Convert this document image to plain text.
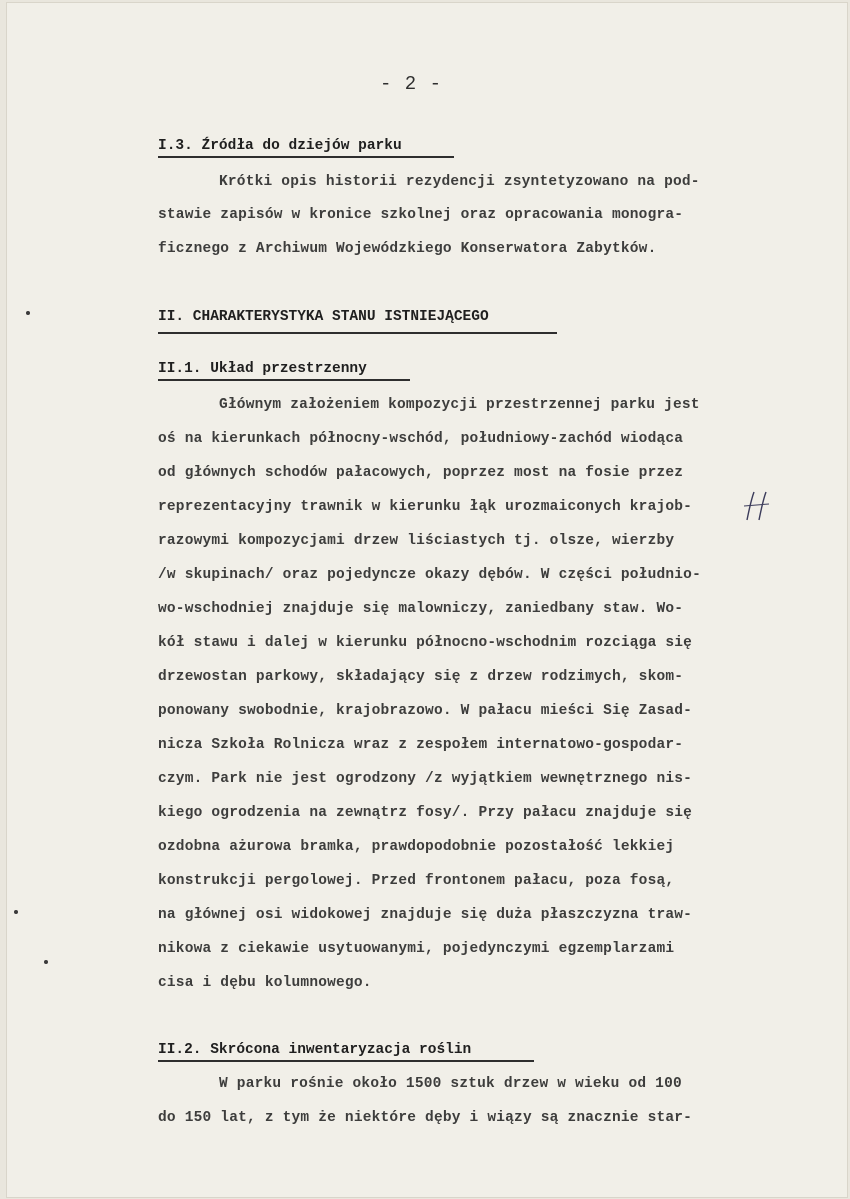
- 2 -
I.3. Źródła do dziejów parku
Krótki opis historii rezydencji zsyntetyzowano na pod-
stawie zapisów w kronice szkolnej oraz opracowania monogra-
ficznego z Archiwum Wojewódzkiego Konserwatora Zabytków.
II. CHARAKTERYSTYKA STANU ISTNIEJĄCEGO
II.1. Układ przestrzenny
Głównym założeniem kompozycji przestrzennej parku jest
oś na kierunkach północny-wschód, południowy-zachód wiodąca
od głównych schodów pałacowych, poprzez most na fosie przez
reprezentacyjny trawnik w kierunku łąk urozmaiconych krajob-
razowymi kompozycjami drzew liściastych tj. olsze, wierzby
/w skupinach/ oraz pojedyncze okazy dębów. W części południo-
wo-wschodniej znajduje się malowniczy, zaniedbany staw. Wo-
kół stawu i dalej w kierunku północno-wschodnim rozciąga się
drzewostan parkowy, składający się z drzew rodzimych, skom-
ponowany swobodnie, krajobrazowo. W pałacu mieści Się Zasad-
nicza Szkoła Rolnicza wraz z zespołem internatowo-gospodar-
czym. Park nie jest ogrodzony /z wyjątkiem wewnętrznego nis-
kiego ogrodzenia na zewnątrz fosy/. Przy pałacu znajduje się
ozdobna ażurowa bramka, prawdopodobnie pozostałość lekkiej
konstrukcji pergolowej. Przed frontonem pałacu, poza fosą,
na głównej osi widokowej znajduje się duża płaszczyzna traw-
nikowa z ciekawie usytuowanymi, pojedynczymi egzemplarzami
cisa i dębu kolumnowego.
II.2. Skrócona inwentaryzacja roślin
W parku rośnie około 1500 sztuk drzew w wieku od 100
do 150 lat, z tym że niektóre dęby i wiązy są znacznie star-
